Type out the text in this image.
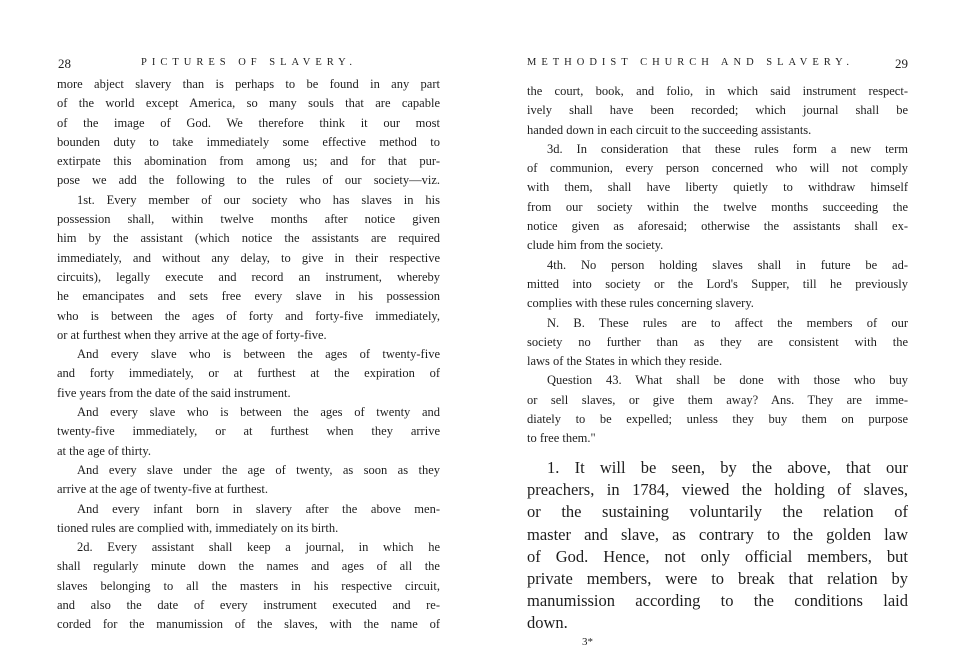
28	PICTURES OF SLAVERY.
more abject slavery than is perhaps to be found in any part
of the world except America, so many souls that are capable
of the image of God. We therefore think it our most
bounden duty to take immediately some effective method to
extirpate this abomination from among us; and for that pur-
pose we add the following to the rules of our society—viz.
1st. Every member of our society who has slaves in his
possession shall, within twelve months after notice given
him by the assistant (which notice the assistants are required
immediately, and without any delay, to give in their respective
circuits), legally execute and record an instrument, whereby
he emancipates and sets free every slave in his possession
who is between the ages of forty and forty-five immediately,
or at furthest when they arrive at the age of forty-five.
And every slave who is between the ages of twenty-five
and forty immediately, or at furthest at the expiration of
five years from the date of the said instrument.
And every slave who is between the ages of twenty and
twenty-five immediately, or at furthest when they arrive
at the age of thirty.
And every slave under the age of twenty, as soon as they
arrive at the age of twenty-five at furthest.
And every infant born in slavery after the above men-
tioned rules are complied with, immediately on its birth.
2d. Every assistant shall keep a journal, in which he
shall regularly minute down the names and ages of all the
slaves belonging to all the masters in his respective circuit,
and also the date of every instrument executed and re-
corded for the manumission of the slaves, with the name of
METHODIST CHURCH AND SLAVERY.	29
the court, book, and folio, in which said instrument respect-
ively shall have been recorded; which journal shall be
handed down in each circuit to the succeeding assistants.
3d. In consideration that these rules form a new term
of communion, every person concerned who will not comply
with them, shall have liberty quietly to withdraw himself
from our society within the twelve months succeeding the
notice given as aforesaid; otherwise the assistants shall ex-
clude him from the society.
4th. No person holding slaves shall in future be ad-
mitted into society or the Lord's Supper, till he previously
complies with these rules concerning slavery.
N. B. These rules are to affect the members of our
society no further than as they are consistent with the
laws of the States in which they reside.
Question 43. What shall be done with those who buy
or sell slaves, or give them away? Ans. They are imme-
diately to be expelled; unless they buy them on purpose
to free them."
1. It will be seen, by the above, that our
preachers, in 1784, viewed the holding of slaves,
or the sustaining voluntarily the relation of
master and slave, as contrary to the golden law
of God. Hence, not only official members, but
private members, were to break that relation by
manumission according to the conditions laid
down.
3*
